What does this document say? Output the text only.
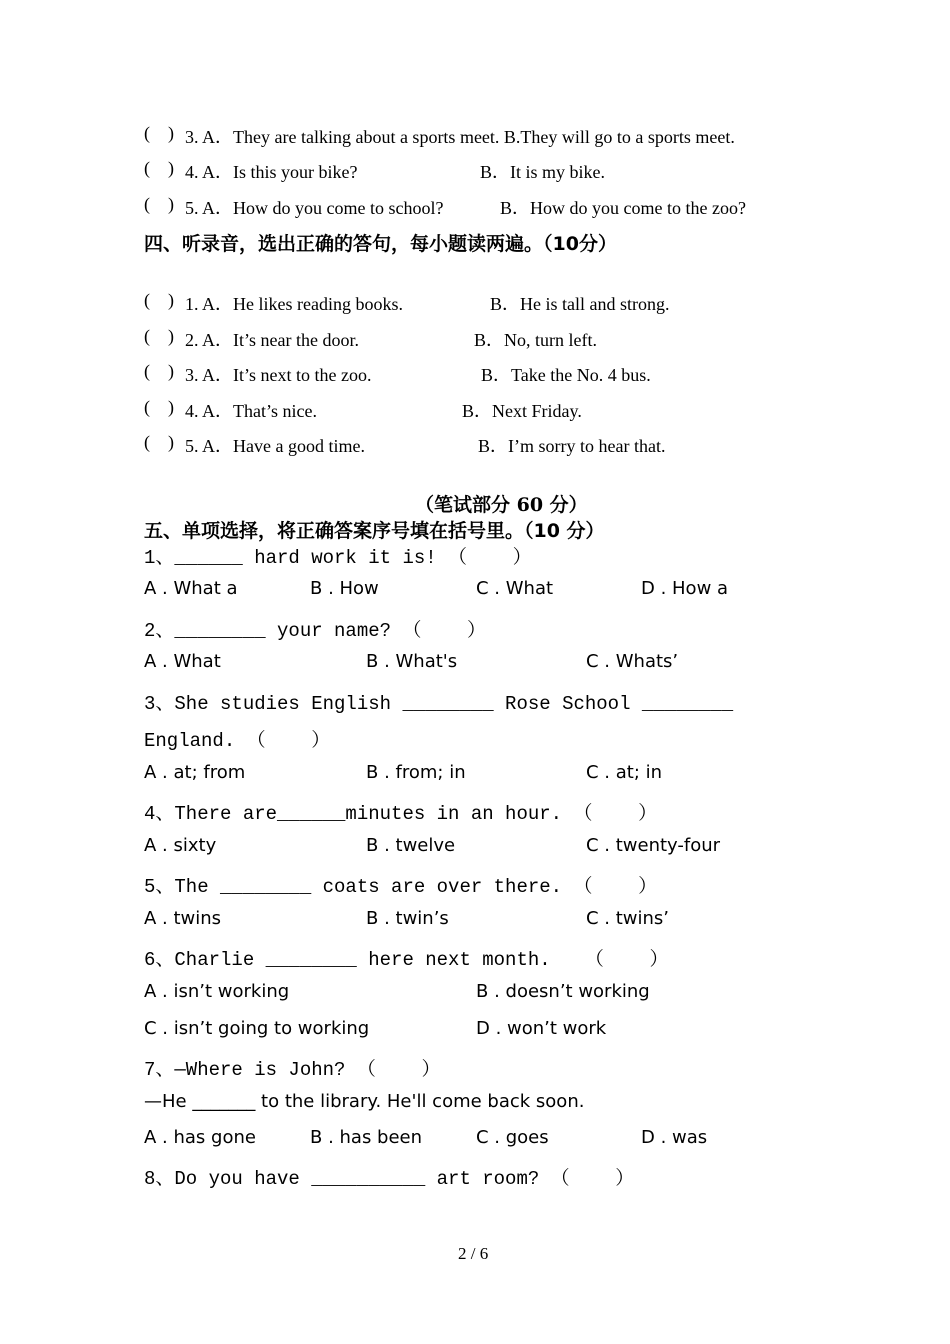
(    ) 3. A．They are talking about a sports meet. B.They will go to a sports meet.
(    ) 4. A．Is this your bike?	B．It is my bike.
(    ) 5. A．How do you come to school?	B．How do you come to the zoo?
四、听录音，选出正确的答句，每小题读两遍。（10分）
(    ) 1. A．He likes reading books.	B．He is tall and strong.
(    ) 2. A．It’s near the door.	B．No, turn left.
(    ) 3. A．It’s next to the zoo.	B．Take the No. 4 bus.
(    ) 4. A．That’s nice.	B．Next Friday.
(    ) 5. A．Have a good time.	B．I’m sorry to hear that.
（笔试部分 60 分）
五、单项选择，将正确答案序号填在括号里。（10 分）
1、______ hard work it is! （    ）
A . What a	B . How	C . What	D . How a
2、________ your name? （    ）
A . What	B . What's	C . Whats’
3、She studies English ________ Rose School ________
England. （    ）
A . at; from	B . from; in	C . at; in
4、There are______minutes in an hour. （    ）
A . sixty	B . twelve	C . twenty-four
5、The ________ coats are over there. （    ）
A . twins	B . twin’s	C . twins’
6、Charlie ________ here next month.   （    ）
A . isn’t working	B . doesn’t working
C . isn’t going to working	D . won’t work
7、—Where is John? （    ）
—He _______ to the library. He'll come back soon.
A . has gone	B . has been	C . goes	D . was
8、Do you have __________ art room? （    ）
2 / 6
